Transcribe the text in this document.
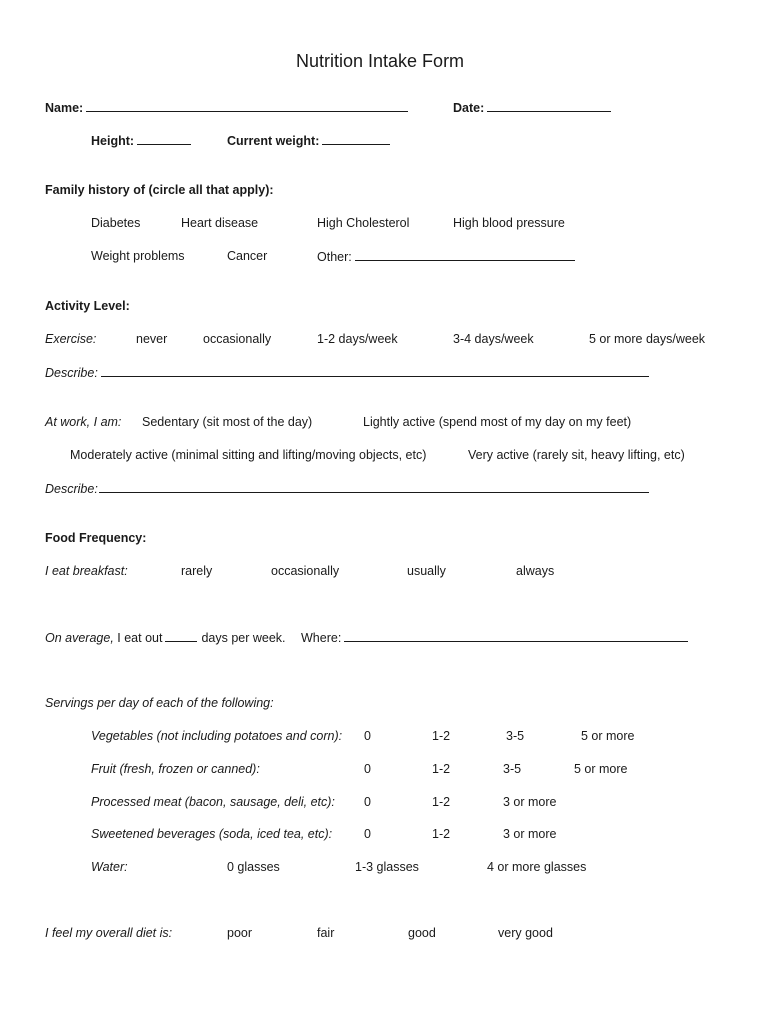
Nutrition Intake Form
Name:	Date:
Height:	Current weight:
Family history of (circle all that apply):
Diabetes	Heart disease	High Cholesterol	High blood pressure
Weight problems	Cancer	Other:
Activity Level:
Exercise:	never	occasionally	1-2 days/week	3-4 days/week	5 or more days/week
Describe:
At work, I am: Sedentary (sit most of the day)	Lightly active (spend most of my day on my feet)
Moderately active (minimal sitting and lifting/moving objects, etc)	Very active (rarely sit, heavy lifting, etc)
Describe:
Food Frequency:
I eat breakfast:	rarely	occasionally	usually	always
On average, I eat out	days per week. Where:
Servings per day of each of the following:
Vegetables (not including potatoes and corn): 0	1-2	3-5	5 or more
Fruit (fresh, frozen or canned):	0	1-2	3-5	5 or more
Processed meat (bacon, sausage, deli, etc): 0	1-2	3 or more
Sweetened beverages (soda, iced tea, etc):	0	1-2	3 or more
Water:	0 glasses	1-3 glasses	4 or more glasses
I feel my overall diet is:	poor	fair	good	very good
